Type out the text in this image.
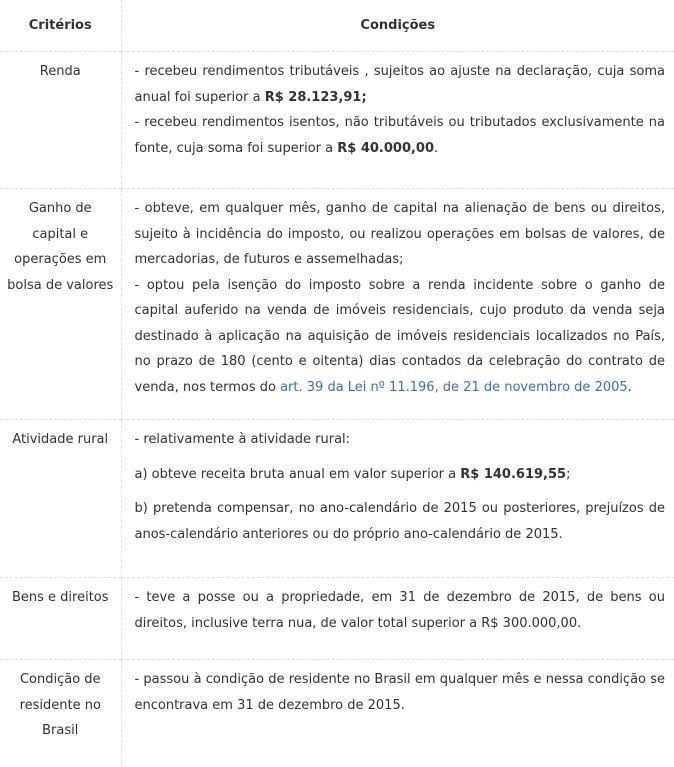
Critérios	Condições
Renda	- recebeu rendimentos tributáveis , sujeitos ao ajuste na declaração, cuja soma anual foi superior a R$ 28.123,91;

- recebeu rendimentos isentos, não tributáveis ou tributados exclusivamente na fonte, cuja soma foi superior a R$ 40.000,00.

Ganho de capital e operações em bolsa de valores	- obteve, em qualquer mês, ganho de capital na alienação de bens ou direitos, sujeito à incidência do imposto, ou realizou operações em bolsas de valores, de mercadorias, de futuros e assemelhadas;

- optou pela isenção do imposto sobre a renda incidente sobre o ganho de capital auferido na venda de imóveis residenciais, cujo produto da venda seja destinado à aplicação na aquisição de imóveis residenciais localizados no País, no prazo de 180 (cento e oitenta) dias contados da celebração do contrato de venda, nos termos do art. 39 da Lei nº 11.196, de 21 de novembro de 2005.

Atividade rural	- relativamente à atividade rural:

a) obteve receita bruta anual em valor superior a R$ 140.619,55;

b) pretenda compensar, no ano-calendário de 2015 ou posteriores, prejuízos de anos-calendário anteriores ou do próprio ano-calendário de 2015.

Bens e direitos	- teve a posse ou a propriedade, em 31 de dezembro de 2015, de bens ou direitos, inclusive terra nua, de valor total superior a R$ 300.000,00.

Condição de residente no Brasil	- passou à condição de residente no Brasil em qualquer mês e nessa condição se encontrava em 31 de dezembro de 2015.
